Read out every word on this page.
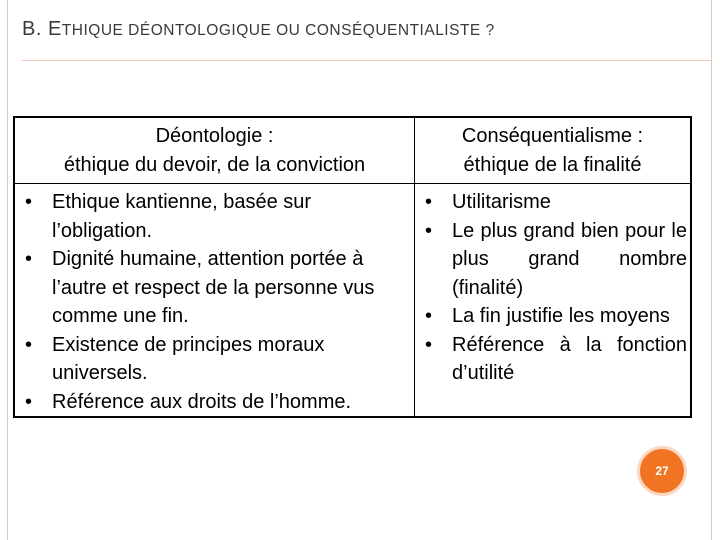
B. ETHIQUE DÉONTOLOGIQUE OU CONSÉQUENTIALISTE ?
Déontologie :
éthique du devoir, de la conviction
Conséquentialisme :
éthique de la finalité
• Ethique kantienne, basée sur l’obligation.
• Dignité humaine, attention portée à l’autre et respect de la personne vus comme une fin.
• Existence de principes moraux universels.
• Référence aux droits de l’homme.
• Utilitarisme
• Le plus grand bien pour le plus grand nombre (finalité)
• La fin justifie les moyens
• Référence à la fonction d’utilité
27
